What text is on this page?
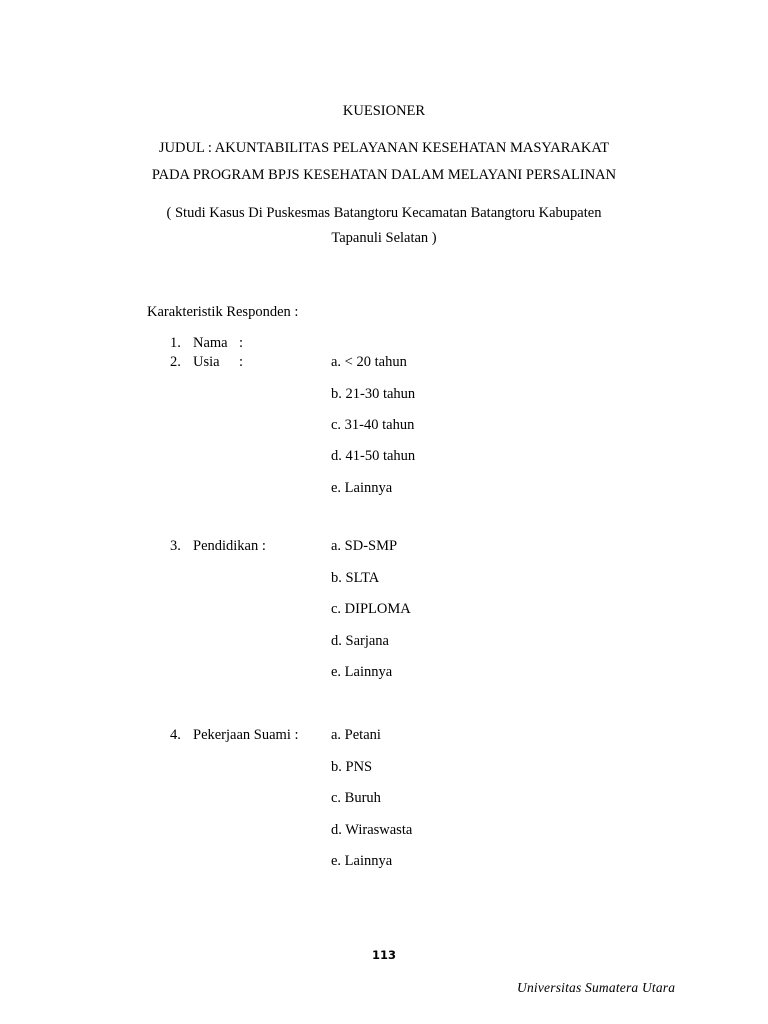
KUESIONER
JUDUL : AKUNTABILITAS PELAYANAN KESEHATAN MASYARAKAT
PADA PROGRAM BPJS KESEHATAN DALAM MELAYANI PERSALINAN
( Studi Kasus Di Puskesmas Batangtoru Kecamatan Batangtoru Kabupaten
Tapanuli Selatan )
Karakteristik Responden :
1. Nama :
2. Usia :	a. < 20 tahun
b. 21-30 tahun
c. 31-40 tahun
d. 41-50 tahun
e. Lainnya
3. Pendidikan :	a. SD-SMP
b. SLTA
c. DIPLOMA
d. Sarjana
e. Lainnya
4. Pekerjaan Suami : a. Petani
b. PNS
c. Buruh
d. Wiraswasta
e. Lainnya
113
Universitas Sumatera Utara
